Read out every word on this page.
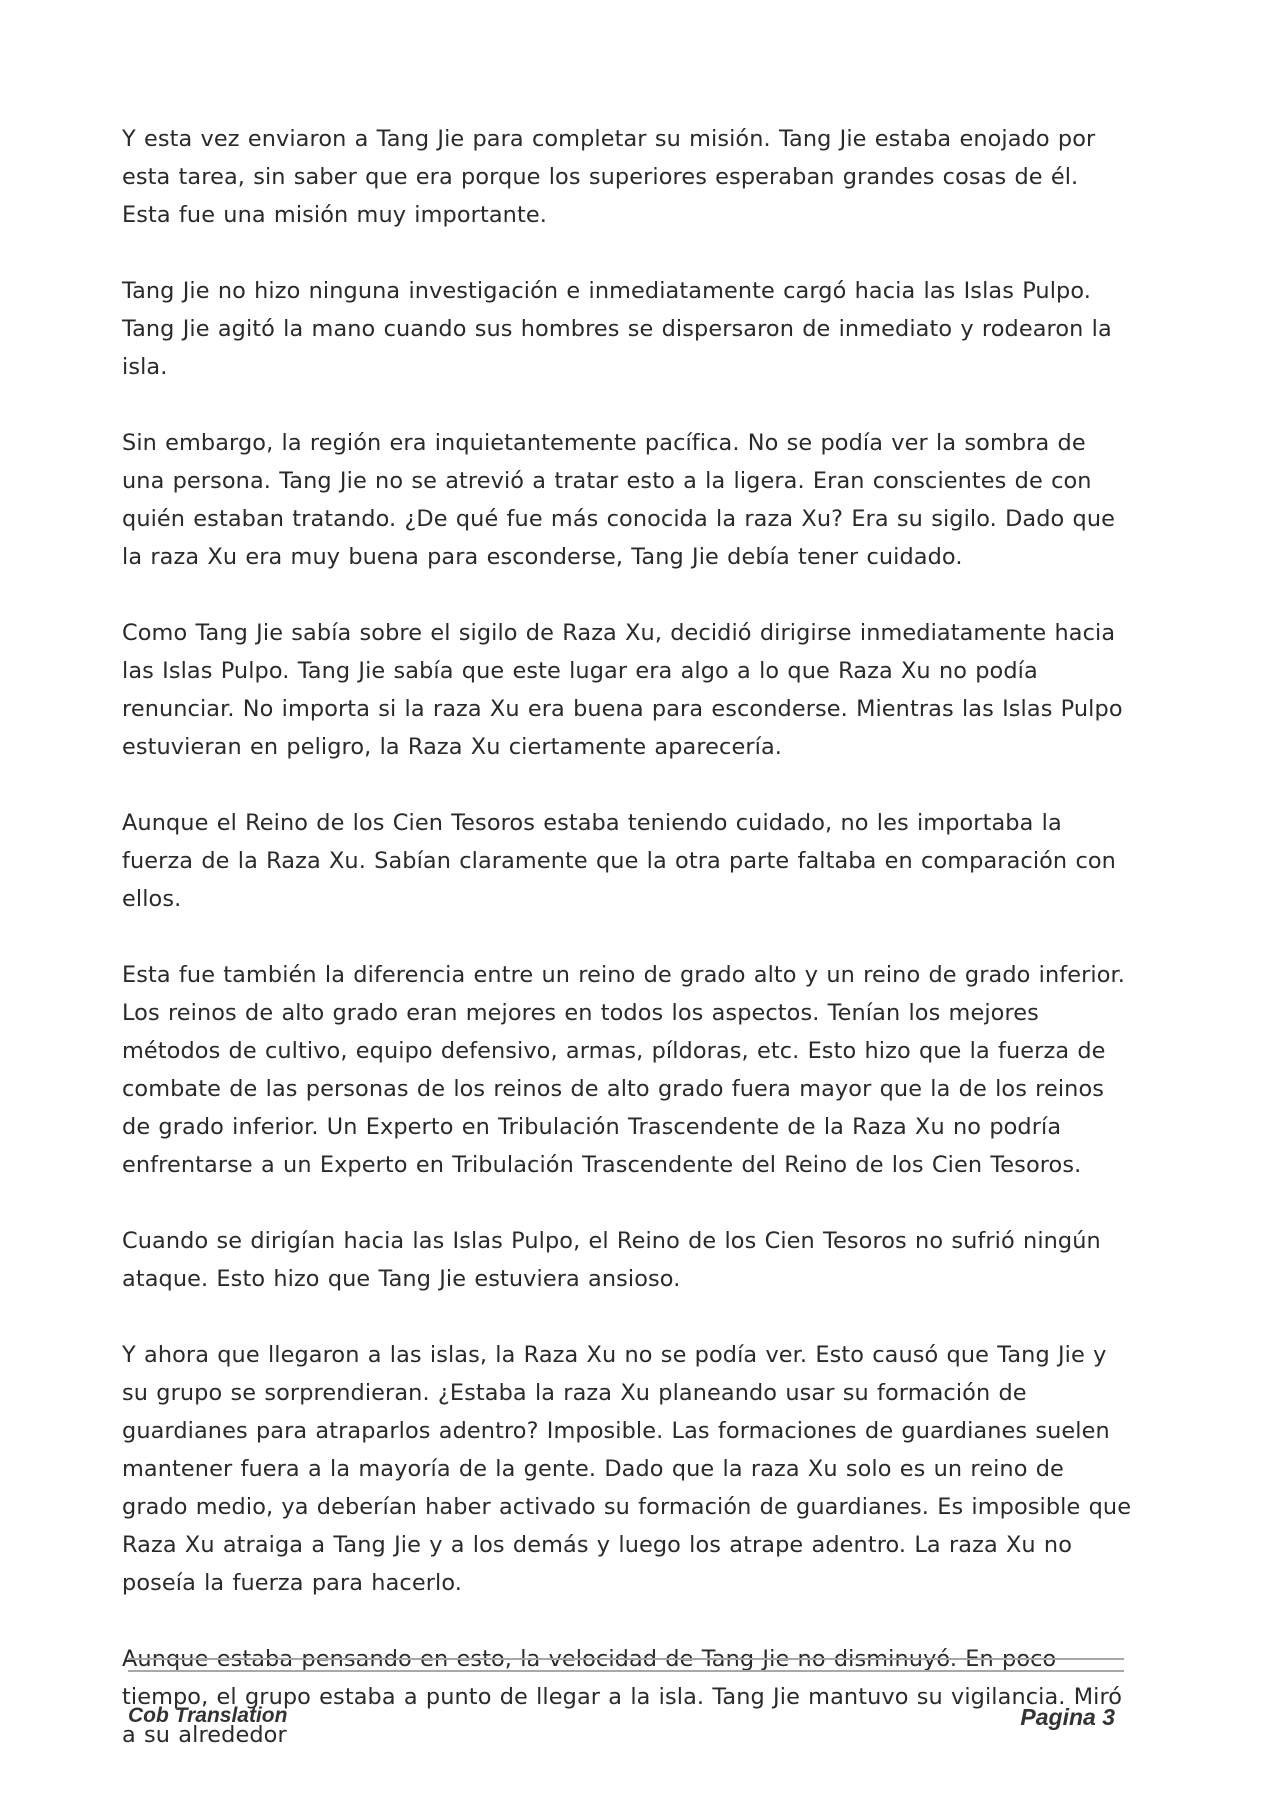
Y esta vez enviaron a Tang Jie para completar su misión. Tang Jie estaba enojado por esta tarea, sin saber que era porque los superiores esperaban grandes cosas de él. Esta fue una misión muy importante.

Tang Jie no hizo ninguna investigación e inmediatamente cargó hacia las Islas Pulpo. Tang Jie agitó la mano cuando sus hombres se dispersaron de inmediato y rodearon la isla.

Sin embargo, la región era inquietantemente pacífica. No se podía ver la sombra de una persona. Tang Jie no se atrevió a tratar esto a la ligera. Eran conscientes de con quién estaban tratando. ¿De qué fue más conocida la raza Xu? Era su sigilo. Dado que la raza Xu era muy buena para esconderse, Tang Jie debía tener cuidado.

Como Tang Jie sabía sobre el sigilo de Raza Xu, decidió dirigirse inmediatamente hacia las Islas Pulpo. Tang Jie sabía que este lugar era algo a lo que Raza Xu no podía renunciar. No importa si la raza Xu era buena para esconderse. Mientras las Islas Pulpo estuvieran en peligro, la Raza Xu ciertamente aparecería.

Aunque el Reino de los Cien Tesoros estaba teniendo cuidado, no les importaba la fuerza de la Raza Xu. Sabían claramente que la otra parte faltaba en comparación con ellos.

Esta fue también la diferencia entre un reino de grado alto y un reino de grado inferior. Los reinos de alto grado eran mejores en todos los aspectos. Tenían los mejores métodos de cultivo, equipo defensivo, armas, píldoras, etc. Esto hizo que la fuerza de combate de las personas de los reinos de alto grado fuera mayor que la de los reinos de grado inferior. Un Experto en Tribulación Trascendente de la Raza Xu no podría enfrentarse a un Experto en Tribulación Trascendente del Reino de los Cien Tesoros.

Cuando se dirigían hacia las Islas Pulpo, el Reino de los Cien Tesoros no sufrió ningún ataque. Esto hizo que Tang Jie estuviera ansioso.

Y ahora que llegaron a las islas, la Raza Xu no se podía ver. Esto causó que Tang Jie y su grupo se sorprendieran. ¿Estaba la raza Xu planeando usar su formación de guardianes para atraparlos adentro? Imposible. Las formaciones de guardianes suelen mantener fuera a la mayoría de la gente. Dado que la raza Xu solo es un reino de grado medio, ya deberían haber activado su formación de guardianes. Es imposible que Raza Xu atraiga a Tang Jie y a los demás y luego los atrape adentro. La raza Xu no poseía la fuerza para hacerlo.

Aunque estaba pensando en esto, la velocidad de Tang Jie no disminuyó. En poco tiempo, el grupo estaba a punto de llegar a la isla. Tang Jie mantuvo su vigilancia. Miró a su alrededor

Cob Translation	Pagina 3
